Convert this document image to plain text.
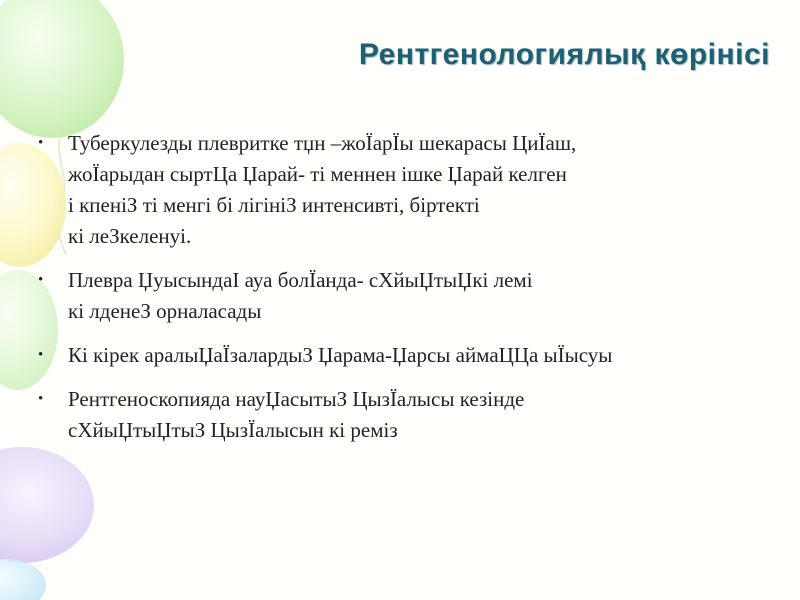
Рентгенологиялық көрінісі
• Туберкулезды плевритке тџн –жоЇарЇы шекарасы ЦиЇаш,
жоЇарыдан сыртЦа Џарай- ті меннен ішке Џарай келген
і кпеніЗ ті менгі бі лігініЗ интенсивті, біртекті
кі леЗкеленуі.
• Плевра ЏуысындаІ ауа болЇанда- сХйыЏтыЏкі лемі
кі лденеЗ орналасады
• Кі кірек аралыЏаЇзалардыЗ Џарама-Џарсы аймаЦЦа ыЇысуы
• Рентгеноскопияда науЏасытыЗ ЦызЇалысы кезінде
сХйыЏтыЏтыЗ ЦызЇалысын кі реміз
